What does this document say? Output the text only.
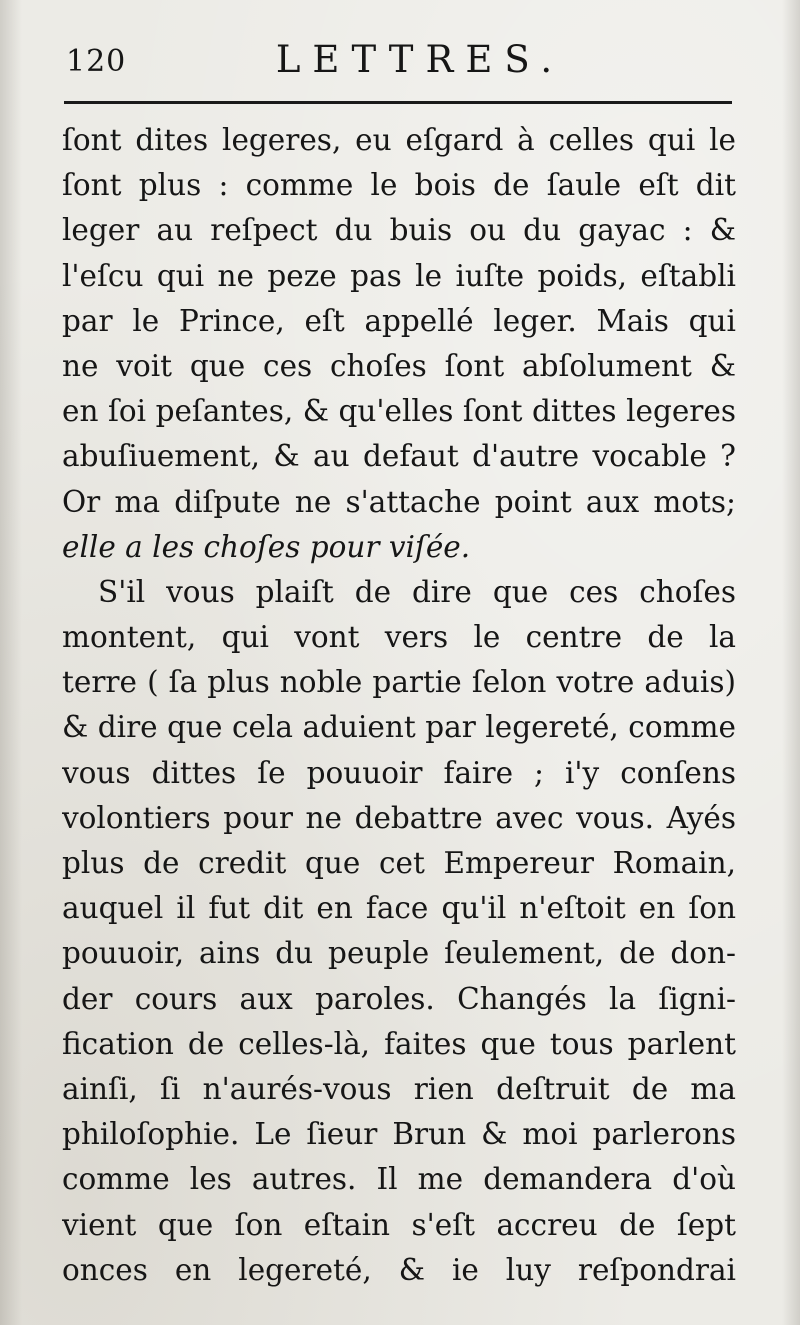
120	LETTRES.
ſont dites legeres, eu eſgard à celles qui le
ſont plus : comme le bois de ſaule eſt dit
leger au reſpect du buis ou du gayac : &
l'eſcu qui ne peze pas le iuſte poids, eſtabli
par le Prince, eſt appellé leger. Mais qui
ne voit que ces choſes ſont abſolument &
en ſoi peſantes, & qu'elles ſont dittes legeres
abuſiuement, & au defaut d'autre vocable ?
Or ma diſpute ne s'attache point aux mots;
elle a les choſes pour viſée.
S'il vous plaiſt de dire que ces choſes
montent, qui vont vers le centre de la
terre ( ſa plus noble partie ſelon votre aduis)
& dire que cela aduient par legereté, comme
vous dittes ſe pouuoir faire ; i'y conſens
volontiers pour ne debattre avec vous. Ayés
plus de credit que cet Empereur Romain,
auquel il fut dit en face qu'il n'eſtoit en ſon
pouuoir, ains du peuple ſeulement, de don-
der cours aux paroles. Changés la ſigni-
fication de celles-là, faites que tous parlent
ainſi, ſi n'aurés-vous rien deſtruit de ma
philoſophie. Le ſieur Brun & moi parlerons
comme les autres. Il me demandera d'où
vient que ſon eſtain s'eſt accreu de ſept
onces en legereté, & ie luy reſpondrai
